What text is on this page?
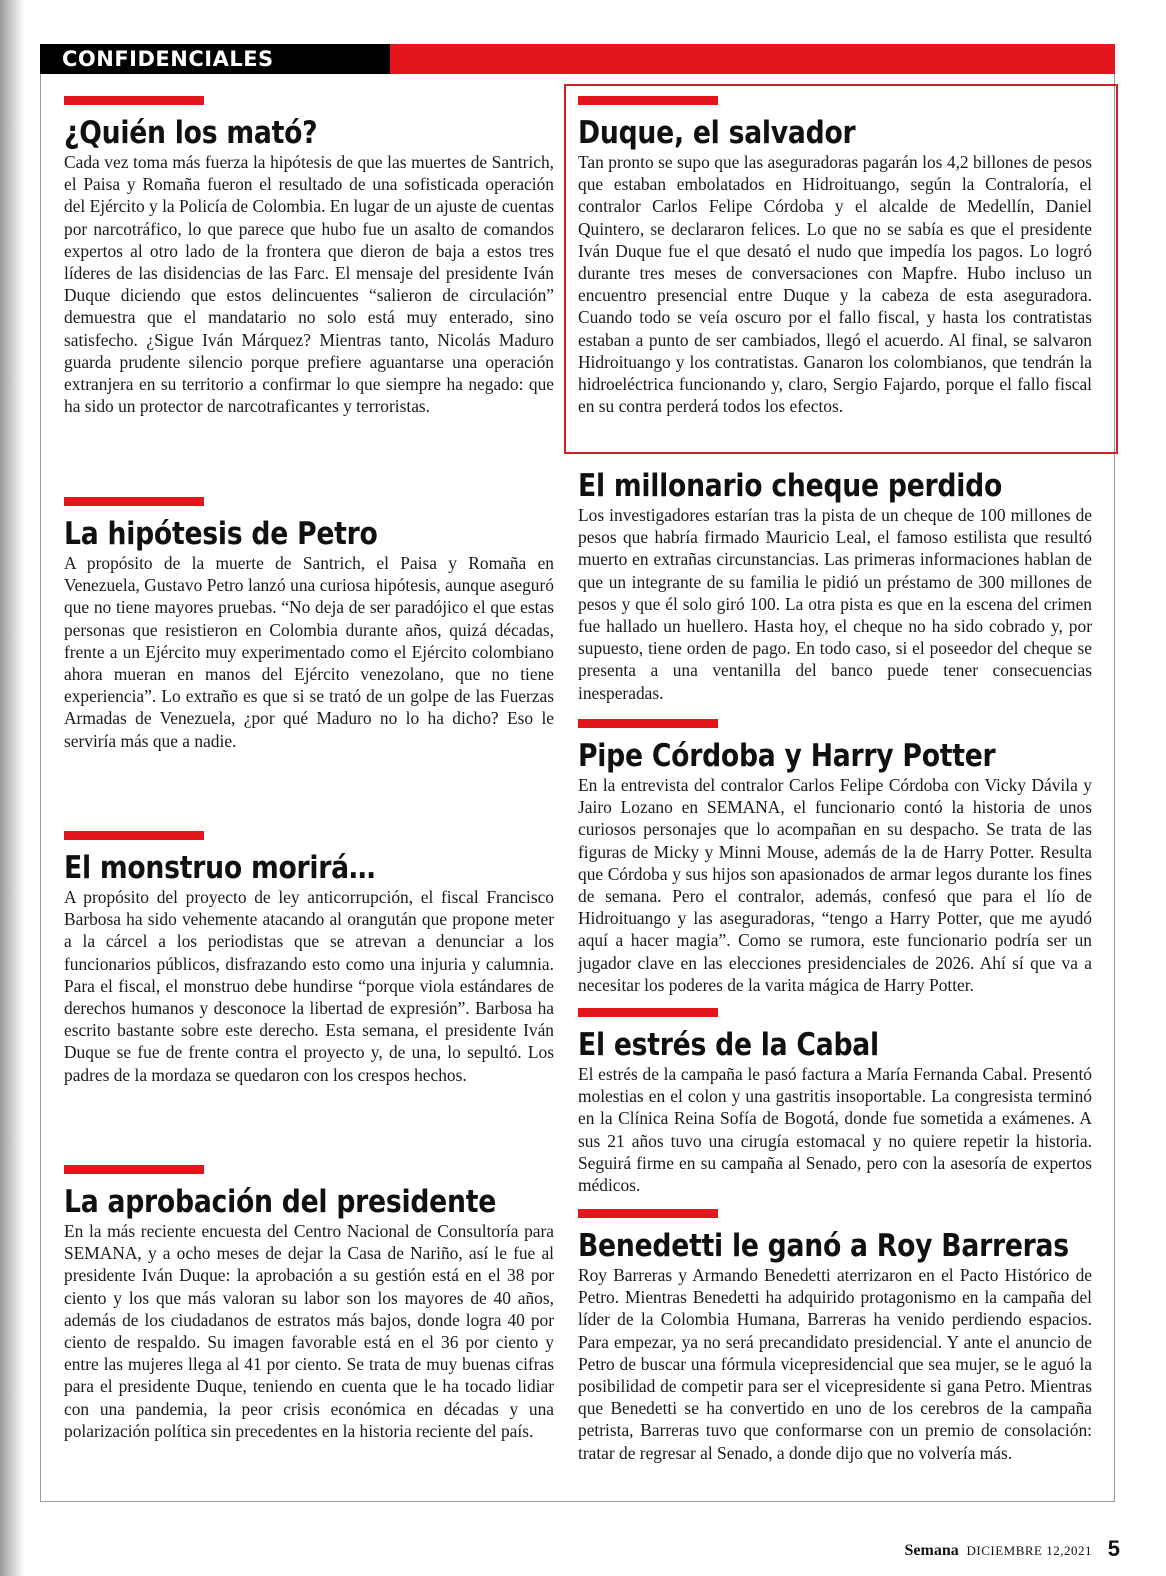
CONFIDENCIALES
¿Quién los mató?

Cada vez toma más fuerza la hipótesis de que las muertes de Santrich, el Paisa y Romaña fueron el resultado de una sofisticada operación del Ejército y la Policía de Colombia. En lugar de un ajuste de cuentas por narcotráfico, lo que parece que hubo fue un asalto de comandos expertos al otro lado de la frontera que dieron de baja a estos tres líderes de las disidencias de las Farc. El mensaje del presidente Iván Duque diciendo que estos delincuentes “salieron de circulación” demuestra que el mandatario no solo está muy enterado, sino satisfecho. ¿Sigue Iván Márquez? Mientras tanto, Nicolás Maduro guarda prudente silencio porque prefiere aguantarse una operación extranjera en su territorio a confirmar lo que siempre ha negado: que ha sido un protector de narcotraficantes y terroristas.

La hipótesis de Petro

A propósito de la muerte de Santrich, el Paisa y Romaña en Venezuela, Gustavo Petro lanzó una curiosa hipótesis, aunque aseguró que no tiene mayores pruebas. “No deja de ser paradójico el que estas personas que resistieron en Colombia durante años, quizá décadas, frente a un Ejército muy experimentado como el Ejército colombiano ahora mueran en manos del Ejército venezolano, que no tiene experiencia”. Lo extraño es que si se trató de un golpe de las Fuerzas Armadas de Venezuela, ¿por qué Maduro no lo ha dicho? Eso le serviría más que a nadie.

El monstruo morirá…

A propósito del proyecto de ley anticorrupción, el fiscal Francisco Barbosa ha sido vehemente atacando al orangután que propone meter a la cárcel a los periodistas que se atrevan a denunciar a los funcionarios públicos, disfrazando esto como una injuria y calumnia. Para el fiscal, el monstruo debe hundirse “porque viola estándares de derechos humanos y desconoce la libertad de expresión”. Barbosa ha escrito bastante sobre este derecho. Esta semana, el presidente Iván Duque se fue de frente contra el proyecto y, de una, lo sepultó. Los padres de la mordaza se quedaron con los crespos hechos.

La aprobación del presidente

En la más reciente encuesta del Centro Nacional de Consultoría para SEMANA, y a ocho meses de dejar la Casa de Nariño, así le fue al presidente Iván Duque: la aprobación a su gestión está en el 38 por ciento y los que más valoran su labor son los mayores de 40 años, además de los ciudadanos de estratos más bajos, donde logra 40 por ciento de respaldo. Su imagen favorable está en el 36 por ciento y entre las mujeres llega al 41 por ciento. Se trata de muy buenas cifras para el presidente Duque, teniendo en cuenta que le ha tocado lidiar con una pandemia, la peor crisis económica en décadas y una polarización política sin precedentes en la historia reciente del país.

Duque, el salvador

Tan pronto se supo que las aseguradoras pagarán los 4,2 billones de pesos que estaban embolatados en Hidroituango, según la Contraloría, el contralor Carlos Felipe Córdoba y el alcalde de Medellín, Daniel Quintero, se declararon felices. Lo que no se sabía es que el presidente Iván Duque fue el que desató el nudo que impedía los pagos. Lo logró durante tres meses de conversaciones con Mapfre. Hubo incluso un encuentro presencial entre Duque y la cabeza de esta aseguradora. Cuando todo se veía oscuro por el fallo fiscal, y hasta los contratistas estaban a punto de ser cambiados, llegó el acuerdo. Al final, se salvaron Hidroituango y los contratistas. Ganaron los colombianos, que tendrán la hidroeléctrica funcionando y, claro, Sergio Fajardo, porque el fallo fiscal en su contra perderá todos los efectos.

El millonario cheque perdido

Los investigadores estarían tras la pista de un cheque de 100 millones de pesos que habría firmado Mauricio Leal, el famoso estilista que resultó muerto en extrañas circunstancias. Las primeras informaciones hablan de que un integrante de su familia le pidió un préstamo de 300 millones de pesos y que él solo giró 100. La otra pista es que en la escena del crimen fue hallado un huellero. Hasta hoy, el cheque no ha sido cobrado y, por supuesto, tiene orden de pago. En todo caso, si el poseedor del cheque se presenta a una ventanilla del banco puede tener consecuencias inesperadas.

Pipe Córdoba y Harry Potter

En la entrevista del contralor Carlos Felipe Córdoba con Vicky Dávila y Jairo Lozano en SEMANA, el funcionario contó la historia de unos curiosos personajes que lo acompañan en su despacho. Se trata de las figuras de Micky y Minni Mouse, además de la de Harry Potter. Resulta que Córdoba y sus hijos son apasionados de armar legos durante los fines de semana. Pero el contralor, además, confesó que para el lío de Hidroituango y las aseguradoras, “tengo a Harry Potter, que me ayudó aquí a hacer magia”. Como se rumora, este funcionario podría ser un jugador clave en las elecciones presidenciales de 2026. Ahí sí que va a necesitar los poderes de la varita mágica de Harry Potter.

El estrés de la Cabal

El estrés de la campaña le pasó factura a María Fernanda Cabal. Presentó molestias en el colon y una gastritis insoportable. La congresista terminó en la Clínica Reina Sofía de Bogotá, donde fue sometida a exámenes. A sus 21 años tuvo una cirugía estomacal y no quiere repetir la historia. Seguirá firme en su campaña al Senado, pero con la asesoría de expertos médicos.

Benedetti le ganó a Roy Barreras

Roy Barreras y Armando Benedetti aterrizaron en el Pacto Histórico de Petro. Mientras Benedetti ha adquirido protagonismo en la campaña del líder de la Colombia Humana, Barreras ha venido perdiendo espacios. Para empezar, ya no será precandidato presidencial. Y ante el anuncio de Petro de buscar una fórmula vicepresidencial que sea mujer, se le aguó la posibilidad de competir para ser el vicepresidente si gana Petro. Mientras que Benedetti se ha convertido en uno de los cerebros de la campaña petrista, Barreras tuvo que conformarse con un premio de consolación: tratar de regresar al Senado, a donde dijo que no volvería más.

Semana DICIEMBRE 12,2021 5
